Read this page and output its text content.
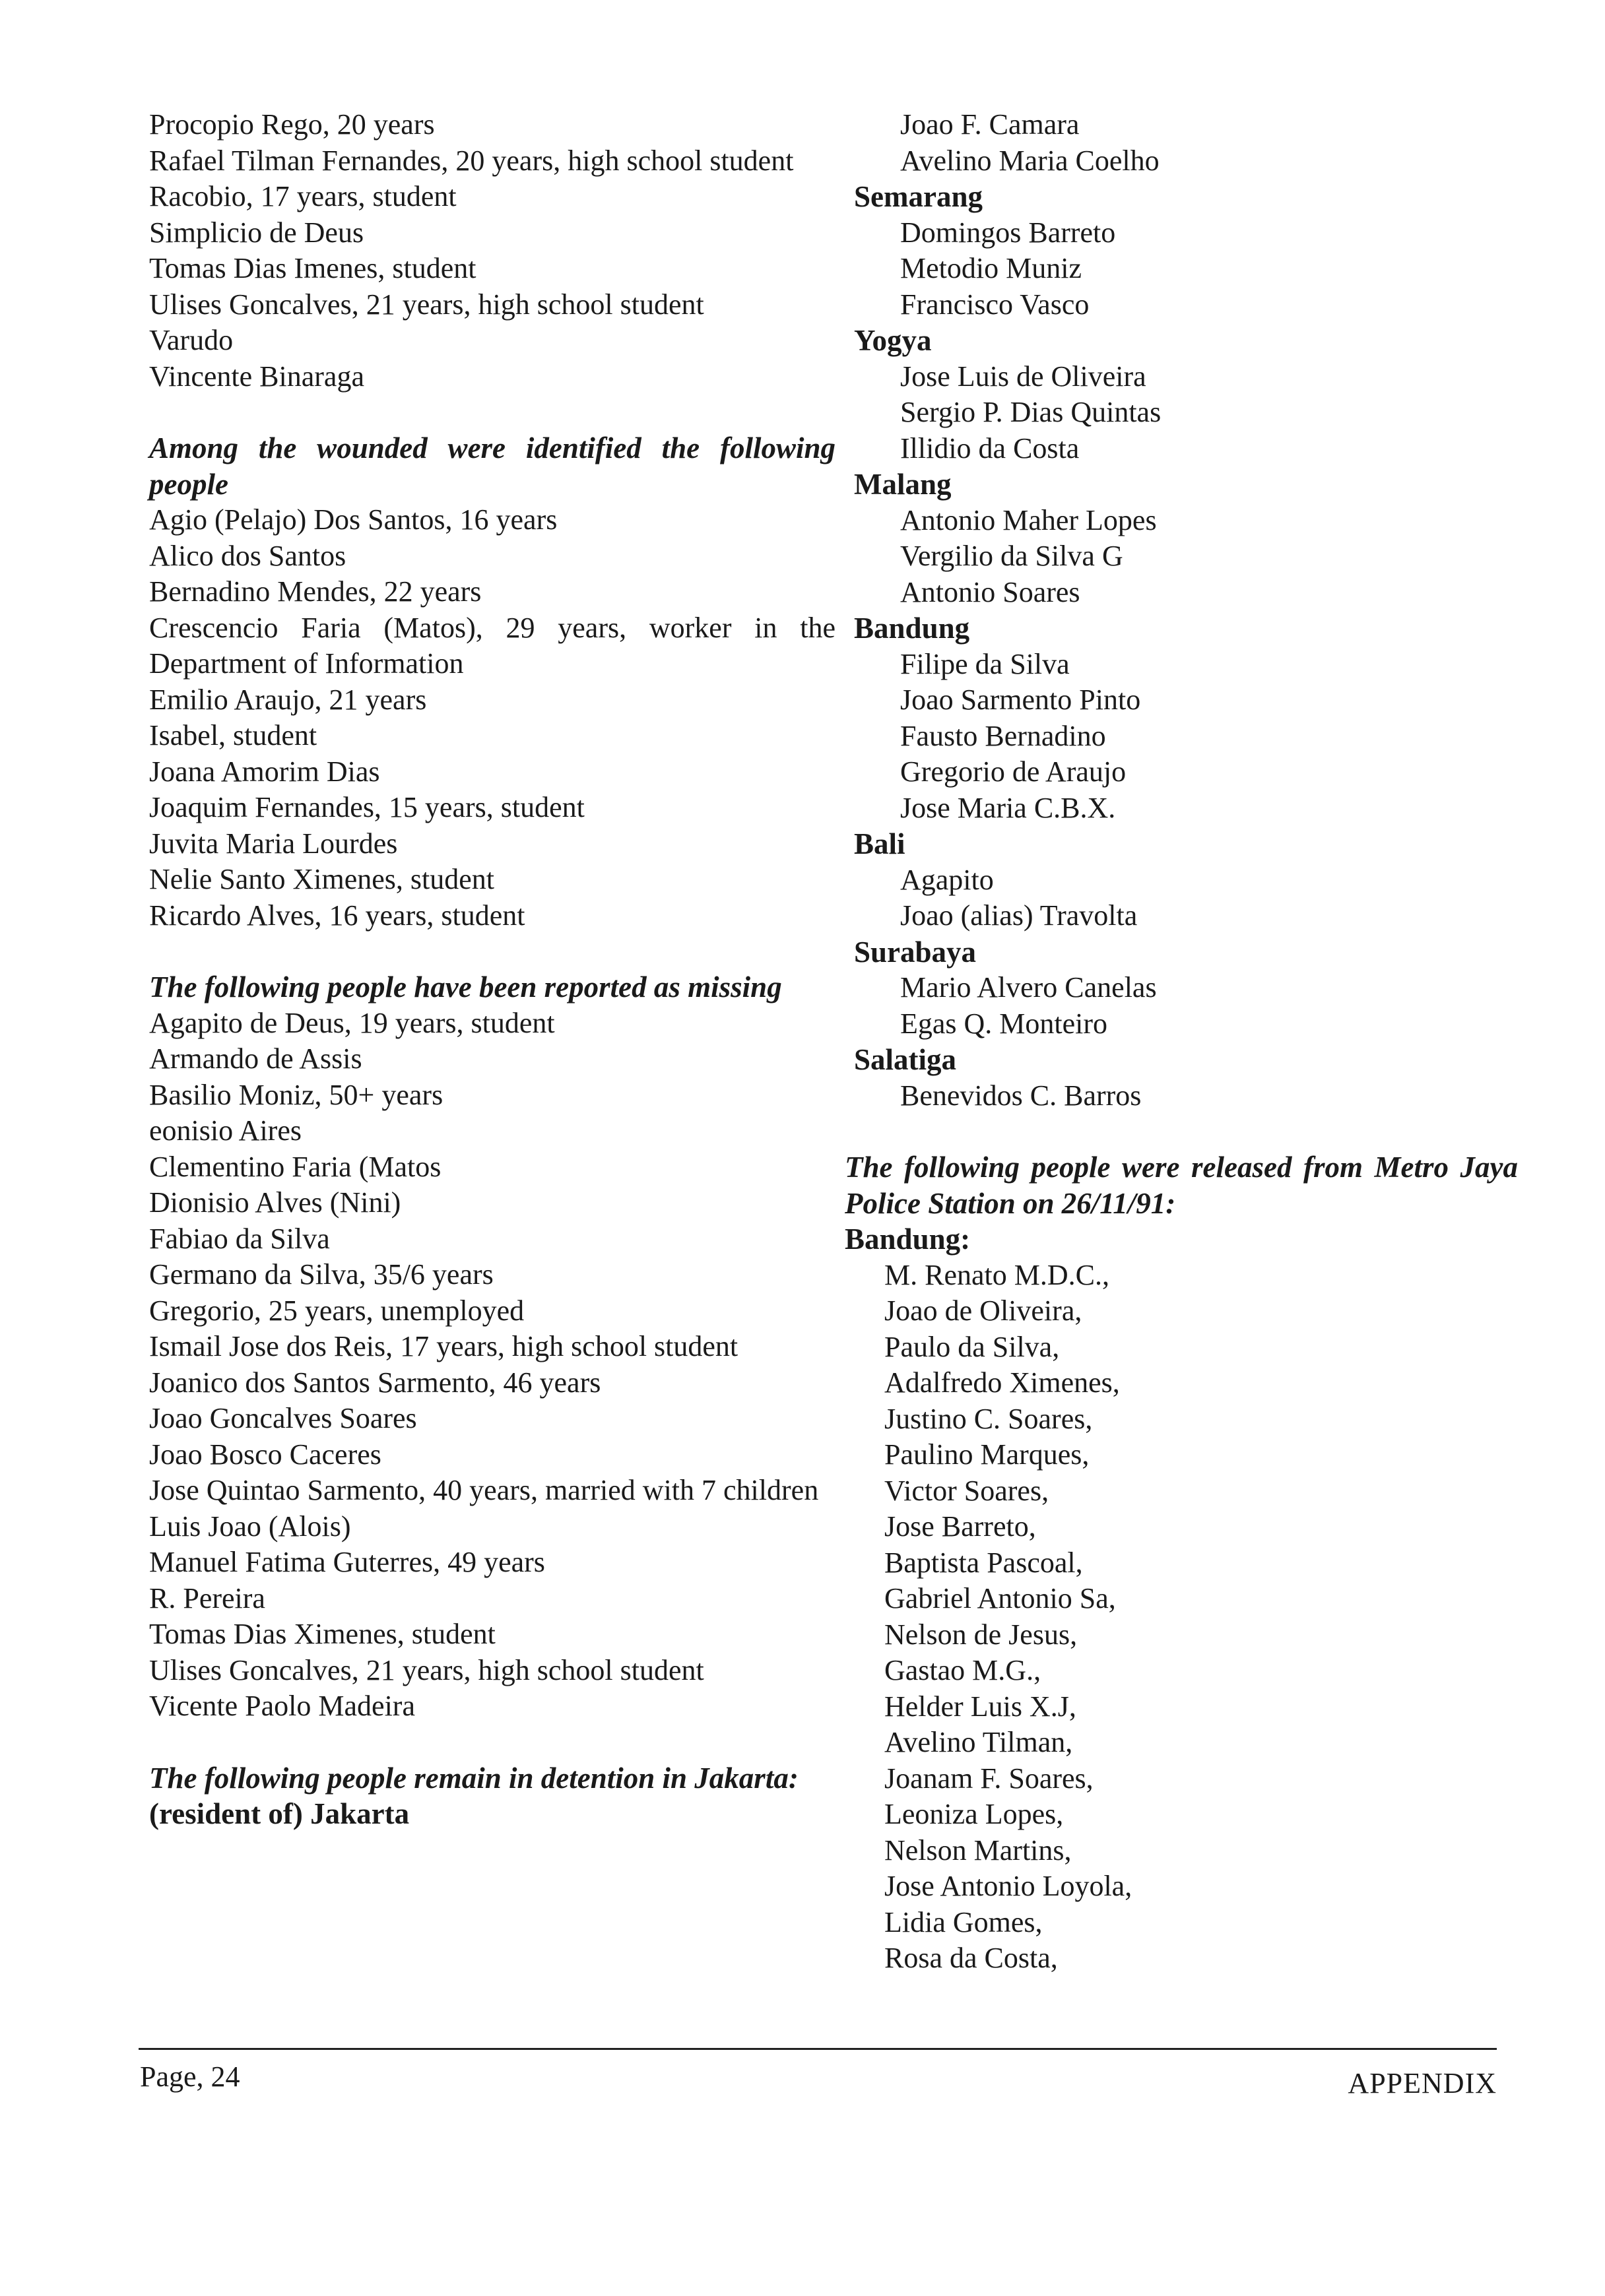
Procopio Rego, 20 years
Rafael Tilman Fernandes, 20 years, high school student
Racobio, 17 years, student
Simplicio de Deus
Tomas Dias Imenes, student
Ulises Goncalves, 21 years, high school student
Varudo
Vincente Binaraga
Among the wounded were identified the following people
Agio (Pelajo) Dos Santos, 16 years
Alico dos Santos
Bernadino Mendes, 22 years
Crescencio Faria (Matos), 29 years, worker in the Department of Information
Emilio Araujo, 21 years
Isabel, student
Joana Amorim Dias
Joaquim Fernandes, 15 years, student
Juvita Maria Lourdes
Nelie Santo Ximenes, student
Ricardo Alves, 16 years, student
The following people have been reported as missing
Agapito de Deus, 19 years, student
Armando de Assis
Basilio Moniz, 50+ years
eonisio Aires
Clementino Faria (Matos
Dionisio Alves (Nini)
Fabiao da Silva
Germano da Silva, 35/6 years
Gregorio, 25 years, unemployed
Ismail Jose dos Reis, 17 years, high school student
Joanico dos Santos Sarmento, 46 years
Joao Goncalves Soares
Joao Bosco Caceres
Jose Quintao Sarmento, 40 years, married with 7 children
Luis Joao (Alois)
Manuel Fatima Guterres, 49 years
R. Pereira
Tomas Dias Ximenes, student
Ulises Goncalves, 21 years, high school student
Vicente Paolo Madeira
The following people remain in detention in Jakarta:
(resident of) Jakarta
Joao F. Camara
Avelino Maria Coelho
Semarang
Domingos Barreto
Metodio Muniz
Francisco Vasco
Yogya
Jose Luis de Oliveira
Sergio P. Dias Quintas
Illidio da Costa
Malang
Antonio Maher Lopes
Vergilio da Silva G
Antonio Soares
Bandung
Filipe da Silva
Joao Sarmento Pinto
Fausto Bernadino
Gregorio de Araujo
Jose Maria C.B.X.
Bali
Agapito
Joao (alias) Travolta
Surabaya
Mario Alvero Canelas
Egas Q. Monteiro
Salatiga
Benevidos C. Barros
The following people were released from Metro Jaya Police Station on 26/11/91:
Bandung:
M. Renato M.D.C.,
Joao de Oliveira,
Paulo da Silva,
Adalfredo Ximenes,
Justino C. Soares,
Paulino Marques,
Victor Soares,
Jose Barreto,
Baptista Pascoal,
Gabriel Antonio Sa,
Nelson de Jesus,
Gastao M.G.,
Helder Luis X.J,
Avelino Tilman,
Joanam F. Soares,
Leoniza Lopes,
Nelson Martins,
Jose Antonio Loyola,
Lidia Gomes,
Rosa da Costa,
Page, 24	APPENDIX
